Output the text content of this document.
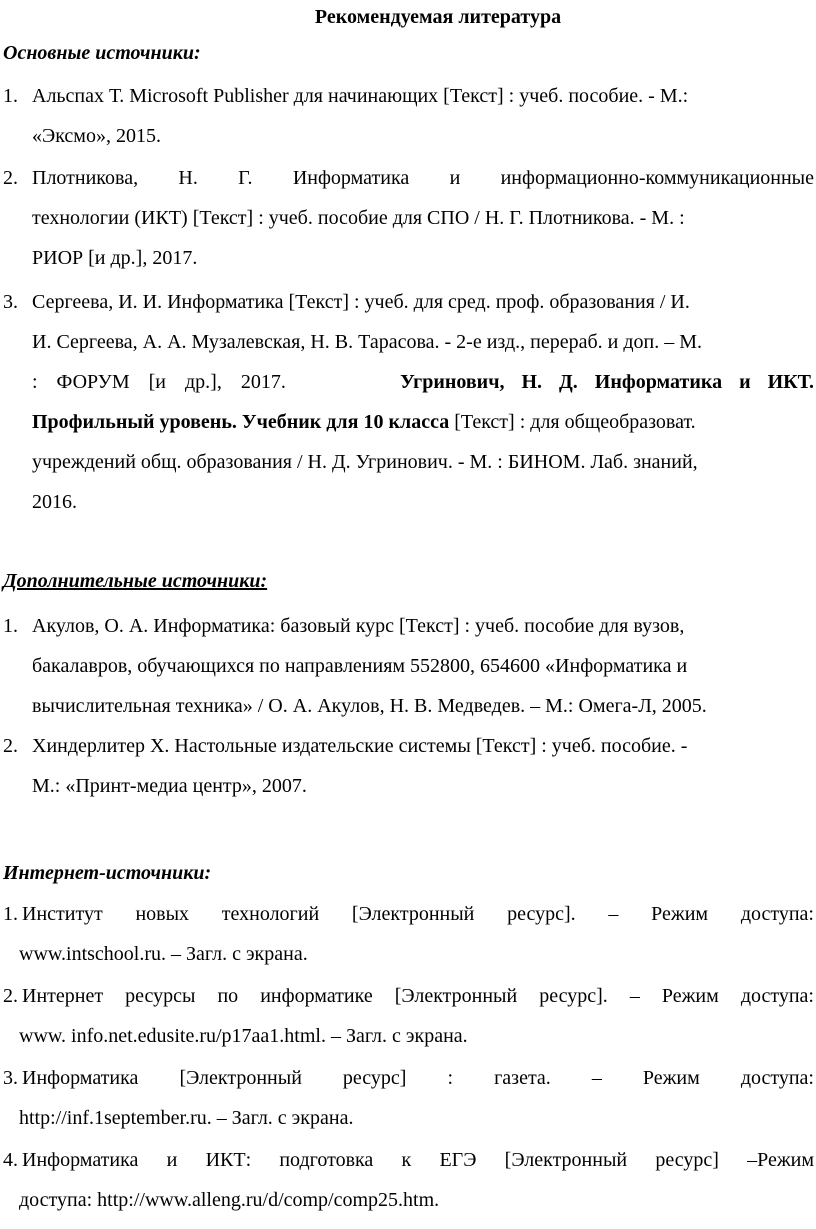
Рекомендуемая литература
Основные источники:
1. Альспах Т. Microsoft Publisher для начинающих [Текст] : учеб. пособие. - М.:
«Эксмо», 2015.
2. Плотникова, Н. Г. Информатика и информационно-коммуникационные
технологии (ИКТ) [Текст] : учеб. пособие для СПО / Н. Г. Плотникова. - М. :
РИОР [и др.], 2017.
3. Сергеева, И. И. Информатика [Текст] : учеб. для сред. проф. образования / И.
И. Сергеева, А. А. Музалевская, Н. В. Тарасова. - 2-е изд., перераб. и доп. – М.
: ФОРУМ [и др.], 2017.	Угринович, Н. Д. Информатика и ИКТ.
Профильный уровень. Учебник для 10 класса [Текст] : для общеобразоват.
учреждений общ. образования / Н. Д. Угринович. - М. : БИНОМ. Лаб. знаний,
2016.
Дополнительные источники:
1. Акулов, О. А. Информатика: базовый курс [Текст] : учеб. пособие для вузов,
бакалавров, обучающихся по направлениям 552800, 654600 «Информатика и
вычислительная техника» / О. А. Акулов, Н. В. Медведев. – М.: Омега-Л, 2005.
2. Хиндерлитер Х. Настольные издательские системы [Текст] : учеб. пособие. -
М.: «Принт-медиа центр», 2007.
Интернет-источники:
1. Институт новых технологий [Электронный ресурс]. – Режим доступа:
www.intschool.ru. – Загл. с экрана.
2. Интернет ресурсы по информатике [Электронный ресурс]. – Режим доступа:
www. info.net.edusite.ru/p17aa1.html. – Загл. с экрана.
3. Информатика [Электронный ресурс] : газета. – Режим доступа:
http://inf.1september.ru. – Загл. с экрана.
4. Информатика и ИКТ: подготовка к ЕГЭ [Электронный ресурс] –Режим
доступа: http://www.alleng.ru/d/comp/comp25.htm.
